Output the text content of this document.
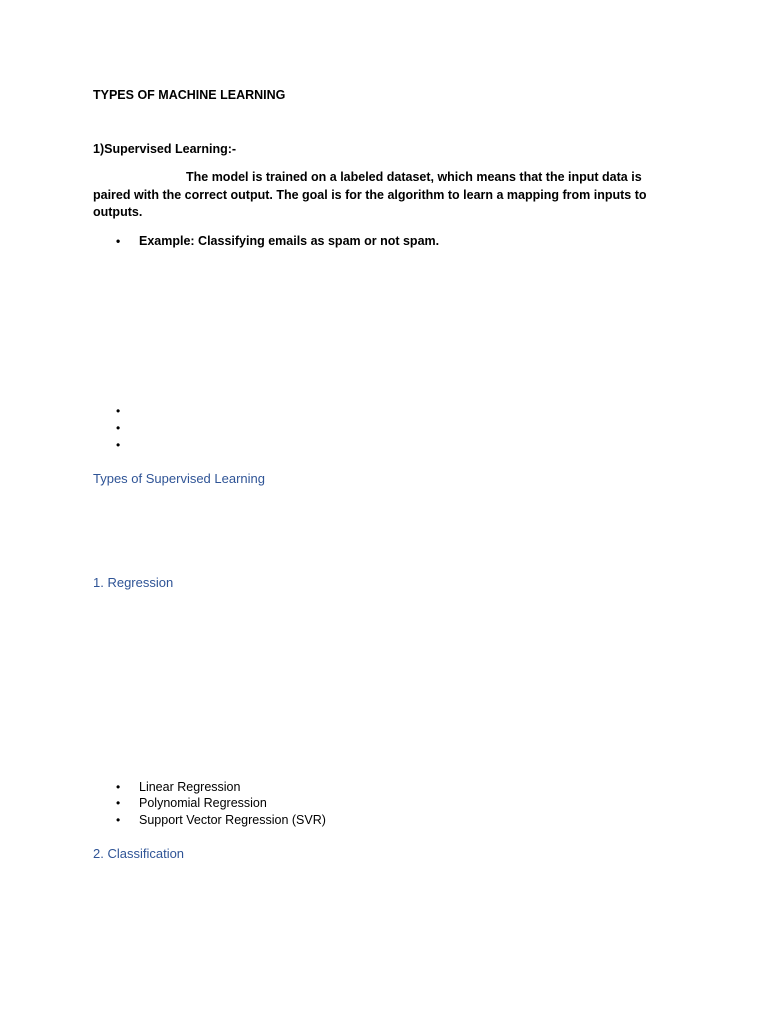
TYPES OF MACHINE LEARNING
1)Supervised Learning:-

The model is trained on a labeled dataset, which means that the input data is paired with the correct output. The goal is for the algorithm to learn a mapping from inputs to outputs.

• Example: Classifying emails as spam or not spam.
•
•
•
Types of Supervised Learning
1. Regression
• Linear Regression
• Polynomial Regression
• Support Vector Regression (SVR)
2. Classification
